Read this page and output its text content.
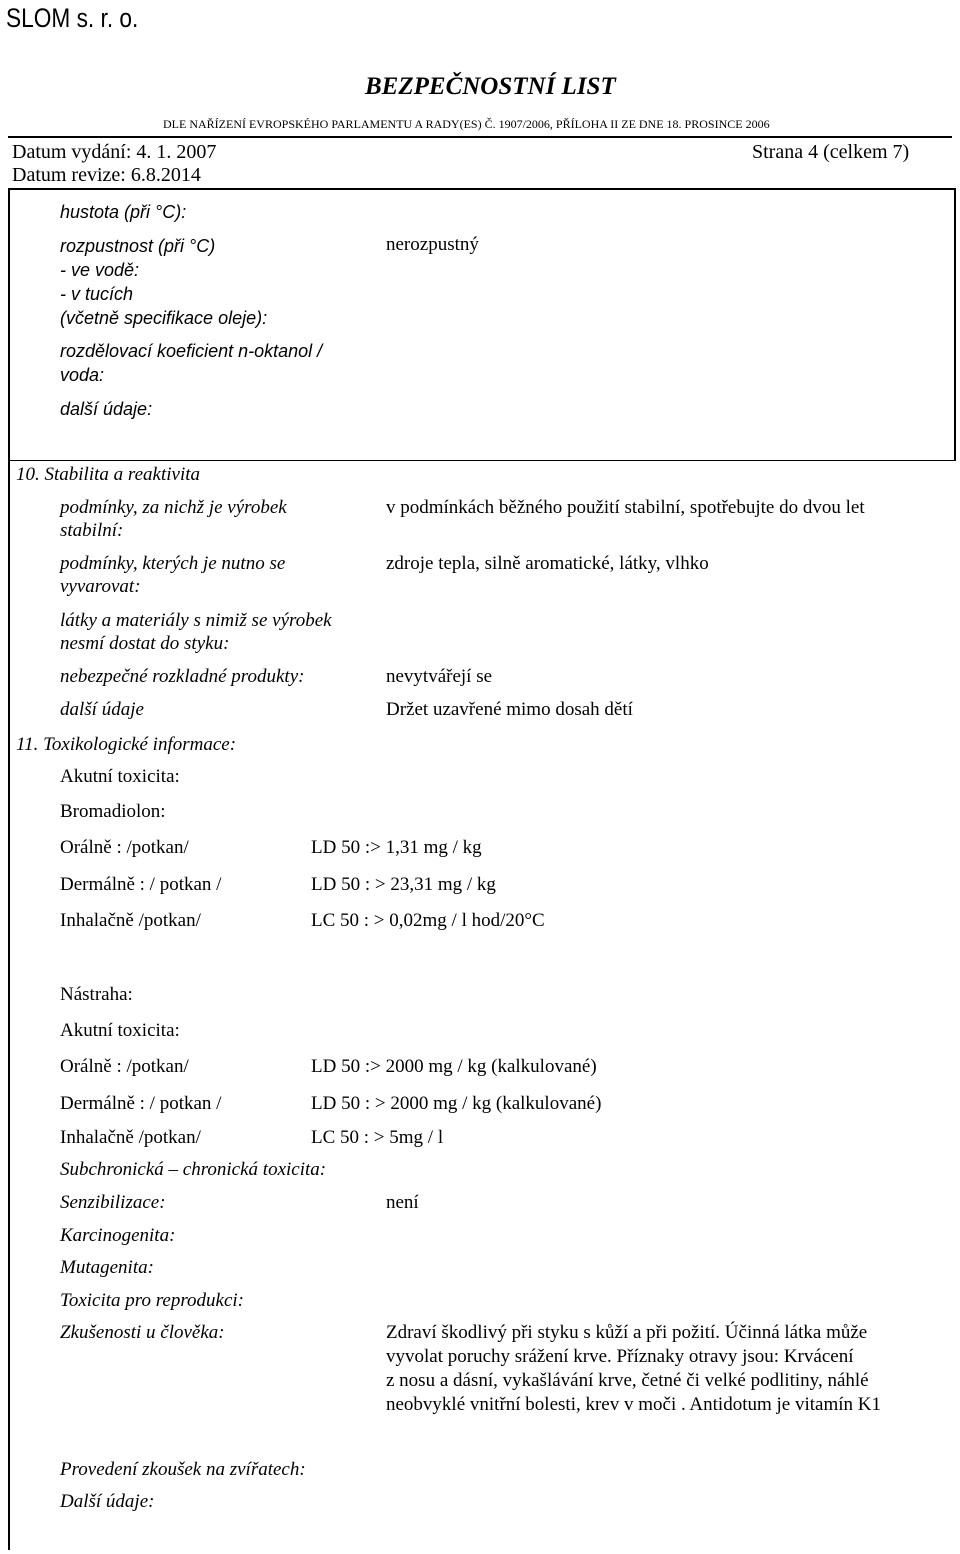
SLOM s. r. o.
BEZPEČNOSTNÍ LIST
DLE NAŘÍZENÍ EVROPSKÉHO PARLAMENTU A RADY(ES) Č. 1907/2006, PŘÍLOHA II ZE DNE 18. PROSINCE 2006
Datum vydání: 4. 1. 2007	Strana 4 (celkem 7)
Datum revize: 6.8.2014
hustota (při °C):
rozpustnost (při °C)	nerozpustný
- ve vodě:
- v tucích
(včetně specifikace oleje):
rozdělovací koeficient n-oktanol /
voda:
další údaje:
10. Stabilita a reaktivita
podmínky, za nichž je výrobek
stabilní:
v podmínkách běžného použití stabilní, spotřebujte do dvou let
podmínky, kterých je nutno se
vyvarovat:
zdroje tepla, silně aromatické, látky, vlhko
látky a materiály s nimiž se výrobek
nesmí dostat do styku:
nebezpečné rozkladné produkty:	nevytvářejí se
další údaje	Držet uzavřené mimo dosah dětí
11. Toxikologické informace:
Akutní toxicita:
Bromadiolon:
Orálně : /potkan/	LD 50 :> 1,31 mg / kg
Dermálně : / potkan /	LD 50 : > 23,31 mg / kg
Inhalačně /potkan/	LC 50 : > 0,02mg / l hod/20°C
Nástraha:
Akutní toxicita:
Orálně : /potkan/	LD 50 :> 2000 mg / kg (kalkulované)
Dermálně : / potkan /	LD 50 : > 2000 mg / kg (kalkulované)
Inhalačně /potkan/	LC 50 : > 5mg / l
Subchronická – chronická toxicita:
Senzibilizace:	není
Karcinogenita:
Mutagenita:
Toxicita pro reprodukci:
Zkušenosti u člověka:	Zdraví škodlivý při styku s kůží a při požití. Účinná látka může
vyvolat poruchy srážení krve. Příznaky otravy jsou: Krvácení
z nosu a dásní, vykašlávání krve, četné či velké podlitiny, náhlé
neobvyklé vnitřní bolesti, krev v moči . Antidotum je vitamín K1
Provedení zkoušek na zvířatech:
Další údaje:
